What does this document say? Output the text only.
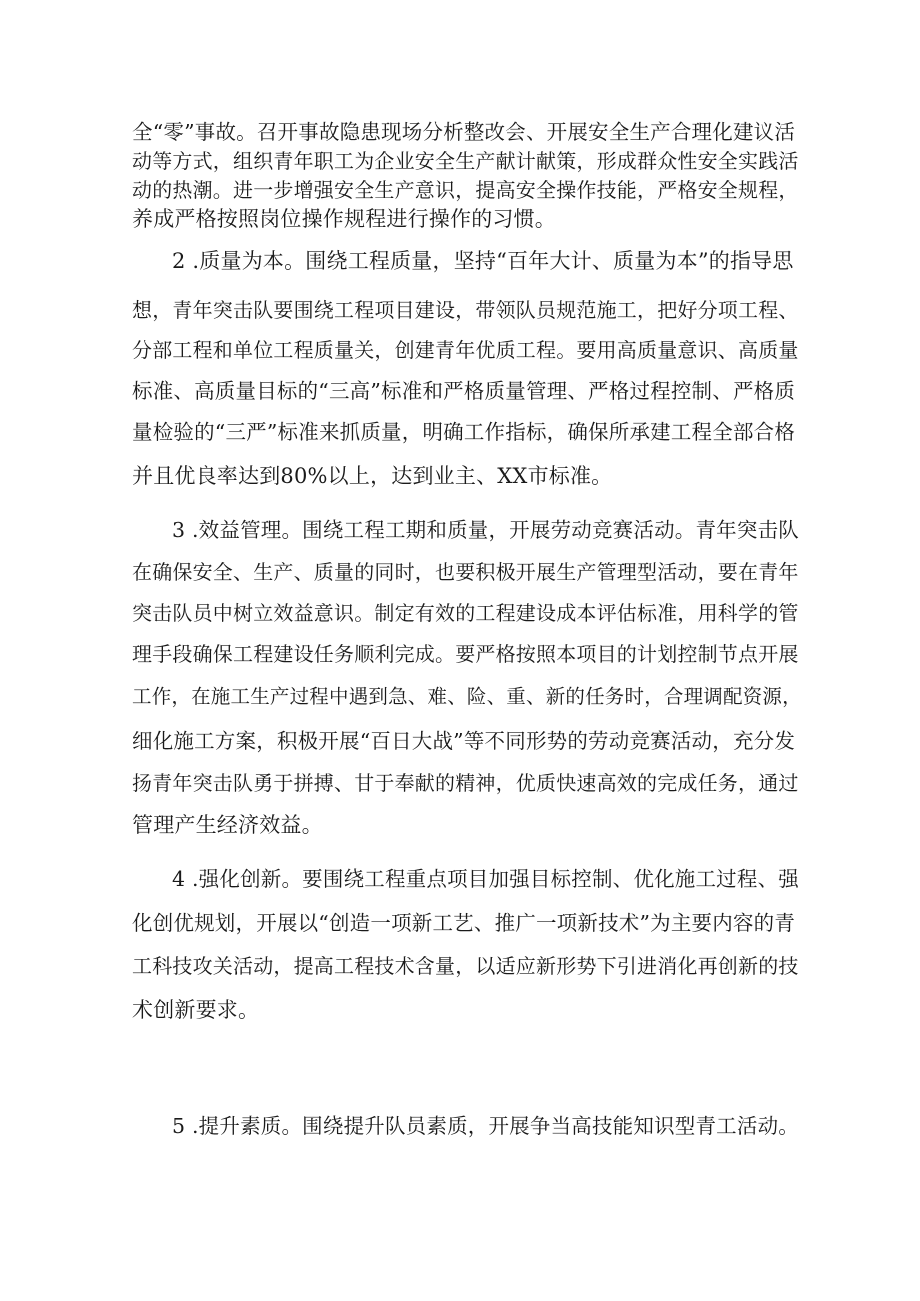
全“零”事故。召开事故隐患现场分析整改会、开展安全生产合理化建议活
动等方式，组织青年职工为企业安全生产献计献策，形成群众性安全实践活
动的热潮。进一步增强安全生产意识，提高安全操作技能，严格安全规程，
养成严格按照岗位操作规程进行操作的习惯。
2 .质量为本。围绕工程质量，坚持“百年大计、质量为本”的指导思
想，青年突击队要围绕工程项目建设，带领队员规范施工，把好分项工程、
分部工程和单位工程质量关，创建青年优质工程。要用高质量意识、高质量
标准、高质量目标的“三高”标准和严格质量管理、严格过程控制、严格质
量检验的“三严”标准来抓质量，明确工作指标，确保所承建工程全部合格
并且优良率达到80%以上，达到业主、XX市标准。
3 .效益管理。围绕工程工期和质量，开展劳动竞赛活动。青年突击队
在确保安全、生产、质量的同时，也要积极开展生产管理型活动，要在青年
突击队员中树立效益意识。制定有效的工程建设成本评估标准，用科学的管
理手段确保工程建设任务顺利完成。要严格按照本项目的计划控制节点开展
工作，在施工生产过程中遇到急、难、险、重、新的任务时，合理调配资源，
细化施工方案，积极开展“百日大战”等不同形势的劳动竞赛活动，充分发
扬青年突击队勇于拼搏、甘于奉献的精神，优质快速高效的完成任务，通过
管理产生经济效益。
4 .强化创新。要围绕工程重点项目加强目标控制、优化施工过程、强
化创优规划，开展以“创造一项新工艺、推广一项新技术”为主要内容的青
工科技攻关活动，提高工程技术含量，以适应新形势下引进消化再创新的技
术创新要求。
5 .提升素质。围绕提升队员素质，开展争当高技能知识型青工活动。
